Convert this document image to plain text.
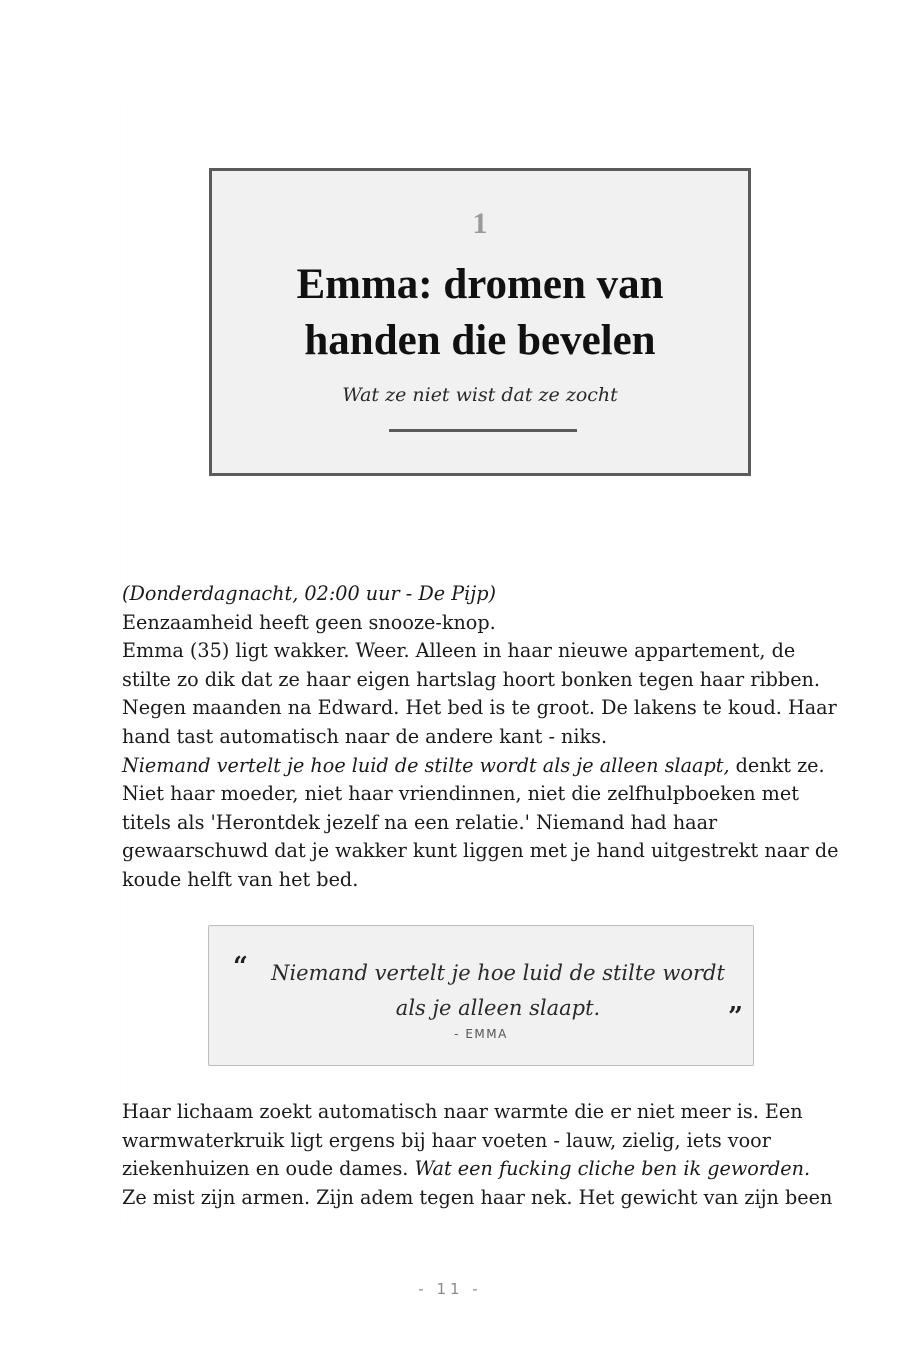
1
Emma: dromen van handen die bevelen
Wat ze niet wist dat ze zocht

(Donderdagnacht, 02:00 uur - De Pijp)

Eenzaamheid heeft geen snooze-knop.

Emma (35) ligt wakker. Weer. Alleen in haar nieuwe appartement, de stilte zo dik dat ze haar eigen hartslag hoort bonken tegen haar ribben. Negen maanden na Edward. Het bed is te groot. De lakens te koud. Haar hand tast automatisch naar de andere kant - niks.

Niemand vertelt je hoe luid de stilte wordt als je alleen slaapt, denkt ze. Niet haar moeder, niet haar vriendinnen, niet die zelfhulpboeken met titels als 'Herontdek jezelf na een relatie.' Niemand had haar gewaarschuwd dat je wakker kunt liggen met je hand uitgestrekt naar de koude helft van het bed.

“ Niemand vertelt je hoe luid de stilte wordt als je alleen slaapt.	”
- EMMA

Haar lichaam zoekt automatisch naar warmte die er niet meer is. Een warmwaterkruik ligt ergens bij haar voeten - lauw, zielig, iets voor ziekenhuizen en oude dames. Wat een fucking cliche ben ik geworden. Ze mist zijn armen. Zijn adem tegen haar nek. Het gewicht van zijn been

- 11 -
